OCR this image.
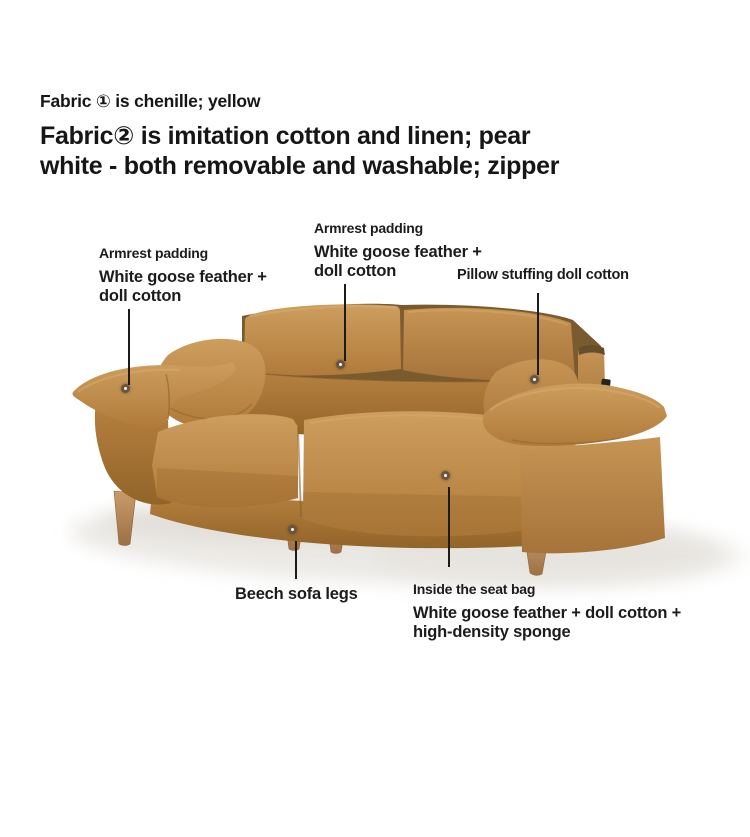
Fabric ① is chenille; yellow
Fabric② is imitation cotton and linen; pear
white - both removable and washable; zipper
Armrest padding
White goose feather + doll cotton
Armrest padding
White goose feather + doll cotton	Pillow stuffing doll cotton
Beech sofa legs	Inside the seat bag
White goose feather + doll cotton + high-density sponge
